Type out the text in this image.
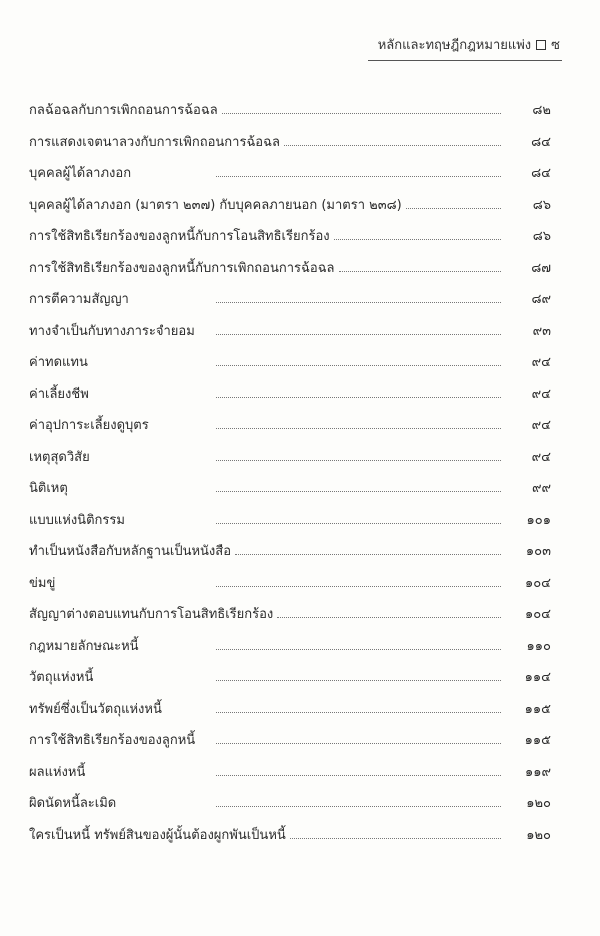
หลักและทฤษฎีกฎหมายแพ่ง ซ
กลฉ้อฉลกับการเพิกถอนการฉ้อฉล	๘๒
การแสดงเจตนาลวงกับการเพิกถอนการฉ้อฉล	๘๔
บุคคลผู้ได้ลาภงอก	๘๔
บุคคลผู้ได้ลาภงอก (มาตรา ๒๓๗) กับบุคคลภายนอก (มาตรา ๒๓๘)	๘๖
การใช้สิทธิเรียกร้องของลูกหนี้กับการโอนสิทธิเรียกร้อง	๘๖
การใช้สิทธิเรียกร้องของลูกหนี้กับการเพิกถอนการฉ้อฉล	๘๗
การตีความสัญญา	๘๙
ทางจำเป็นกับทางภาระจำยอม	๙๓
ค่าทดแทน	๙๔
ค่าเลี้ยงชีพ	๙๔
ค่าอุปการะเลี้ยงดูบุตร	๙๔
เหตุสุดวิสัย	๙๔
นิติเหตุ	๙๙
แบบแห่งนิติกรรม	๑๐๑
ทำเป็นหนังสือกับหลักฐานเป็นหนังสือ	๑๐๓
ข่มขู่	๑๐๔
สัญญาต่างตอบแทนกับการโอนสิทธิเรียกร้อง	๑๐๔
กฎหมายลักษณะหนี้	๑๑๐
วัตถุแห่งหนี้	๑๑๔
ทรัพย์ซึ่งเป็นวัตถุแห่งหนี้	๑๑๕
การใช้สิทธิเรียกร้องของลูกหนี้	๑๑๕
ผลแห่งหนี้	๑๑๙
ผิดนัดหนี้ละเมิด	๑๒๐
ใครเป็นหนี้ ทรัพย์สินของผู้นั้นต้องผูกพันเป็นหนี้	๑๒๐
